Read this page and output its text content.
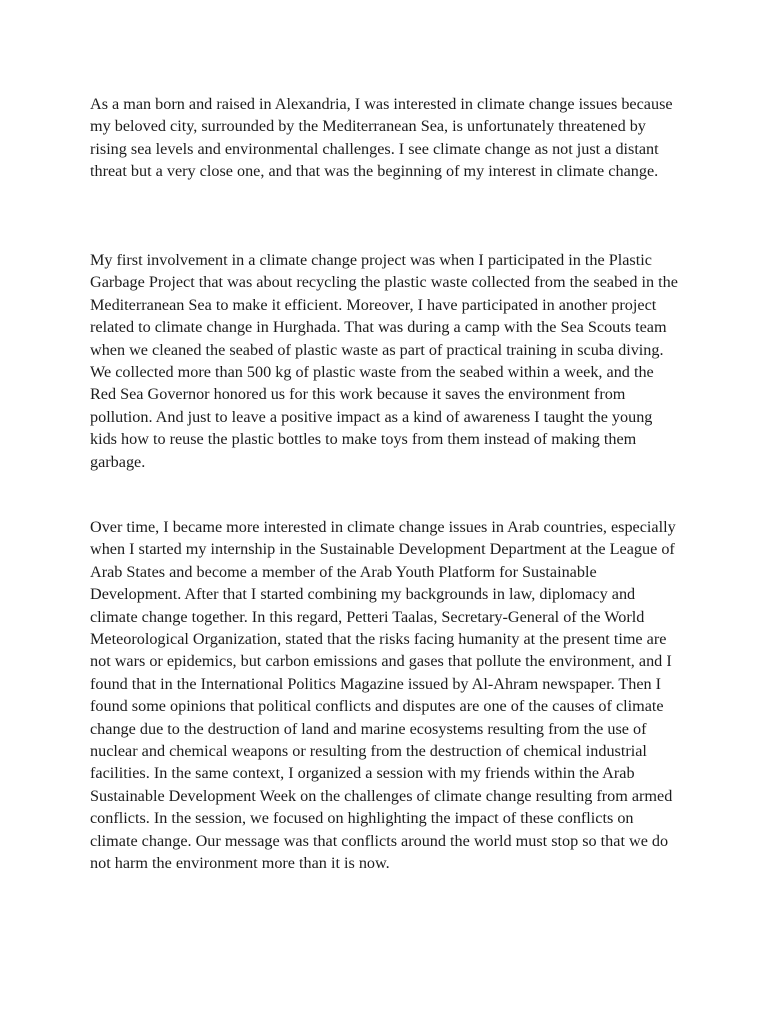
As a man born and raised in Alexandria, I was interested in climate change issues because my beloved city, surrounded by the Mediterranean Sea, is unfortunately threatened by rising sea levels and environmental challenges. I see climate change as not just a distant threat but a very close one, and that was the beginning of my interest in climate change.

My first involvement in a climate change project was when I participated in the Plastic Garbage Project that was about recycling the plastic waste collected from the seabed in the Mediterranean Sea to make it efficient. Moreover, I have participated in another project related to climate change in Hurghada. That was during a camp with the Sea Scouts team when we cleaned the seabed of plastic waste as part of practical training in scuba diving. We collected more than 500 kg of plastic waste from the seabed within a week, and the Red Sea Governor honored us for this work because it saves the environment from pollution. And just to leave a positive impact as a kind of awareness I taught the young kids how to reuse the plastic bottles to make toys from them instead of making them garbage.

Over time, I became more interested in climate change issues in Arab countries, especially when I started my internship in the Sustainable Development Department at the League of Arab States and become a member of the Arab Youth Platform for Sustainable Development. After that I started combining my backgrounds in law, diplomacy and climate change together. In this regard, Petteri Taalas, Secretary-General of the World Meteorological Organization, stated that the risks facing humanity at the present time are not wars or epidemics, but carbon emissions and gases that pollute the environment, and I found that in the International Politics Magazine issued by Al-Ahram newspaper. Then I found some opinions that political conflicts and disputes are one of the causes of climate change due to the destruction of land and marine ecosystems resulting from the use of nuclear and chemical weapons or resulting from the destruction of chemical industrial facilities. In the same context, I organized a session with my friends within the Arab Sustainable Development Week on the challenges of climate change resulting from armed conflicts. In the session, we focused on highlighting the impact of these conflicts on climate change. Our message was that conflicts around the world must stop so that we do not harm the environment more than it is now.
